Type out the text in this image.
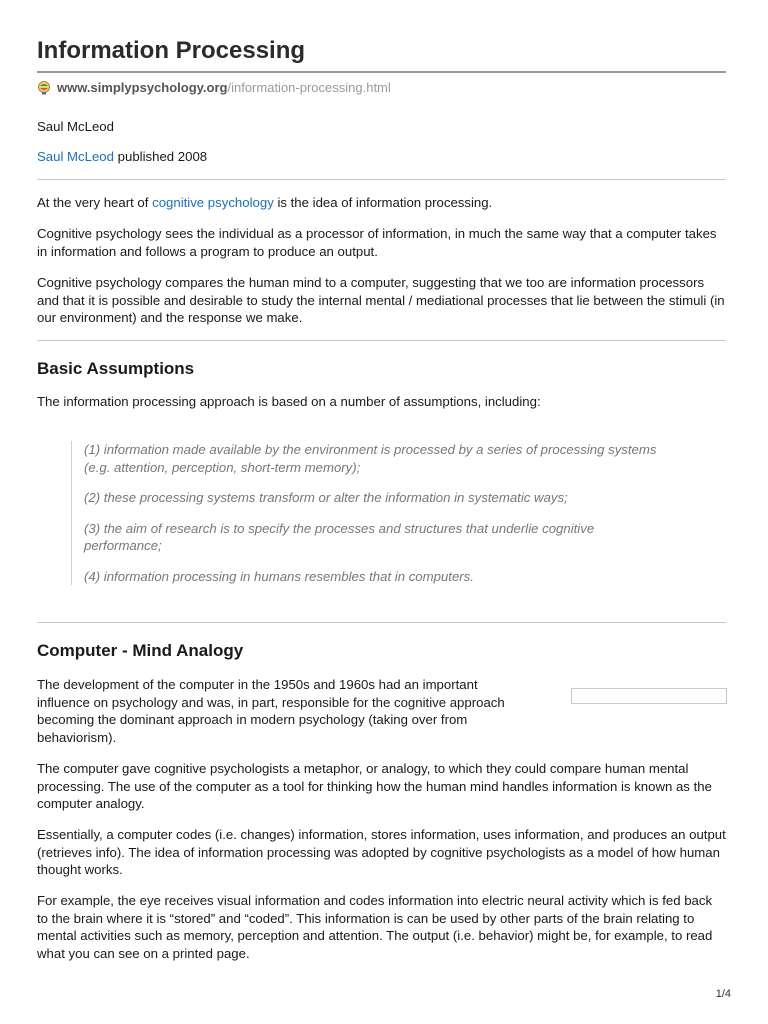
Information Processing
www.simplypsychology.org /information-processing.html

Saul McLeod

Saul McLeod published 2008

At the very heart of cognitive psychology is the idea of information processing.

Cognitive psychology sees the individual as a processor of information, in much the same way that a computer takes in information and follows a program to produce an output.

Cognitive psychology compares the human mind to a computer, suggesting that we too are information processors and that it is possible and desirable to study the internal mental / mediational processes that lie between the stimuli (in our environment) and the response we make.

Basic Assumptions

The information processing approach is based on a number of assumptions, including:

(1) information made available by the environment is processed by a series of processing systems (e.g. attention, perception, short-term memory);

(2) these processing systems transform or alter the information in systematic ways;

(3) the aim of research is to specify the processes and structures that underlie cognitive performance;

(4) information processing in humans resembles that in computers.

Computer - Mind Analogy

The development of the computer in the 1950s and 1960s had an important influence on psychology and was, in part, responsible for the cognitive approach becoming the dominant approach in modern psychology (taking over from behaviorism).

The computer gave cognitive psychologists a metaphor, or analogy, to which they could compare human mental processing. The use of the computer as a tool for thinking how the human mind handles information is known as the computer analogy.

Essentially, a computer codes (i.e. changes) information, stores information, uses information, and produces an output (retrieves info). The idea of information processing was adopted by cognitive psychologists as a model of how human thought works.

For example, the eye receives visual information and codes information into electric neural activity which is fed back to the brain where it is “stored” and “coded”. This information is can be used by other parts of the brain relating to mental activities such as memory, perception and attention. The output (i.e. behavior) might be, for example, to read what you can see on a printed page.

1/4
